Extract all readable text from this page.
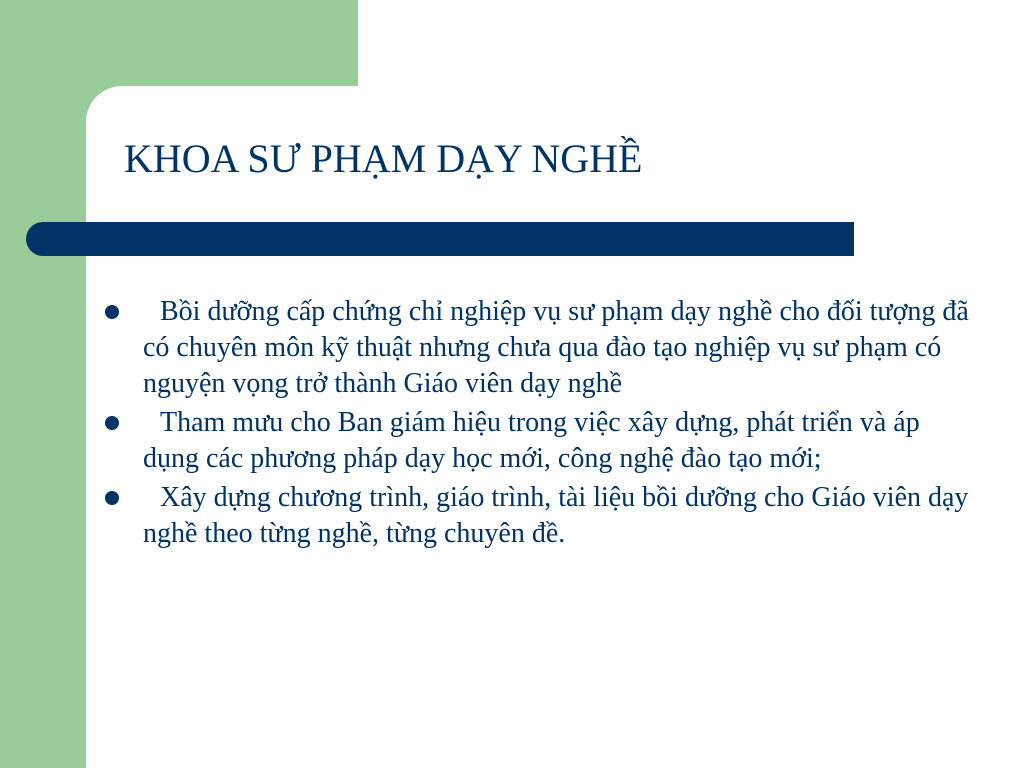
KHOA SƯ PHẠM DẠY NGHỀ
Bồi dưỡng cấp chứng chỉ nghiệp vụ sư phạm dạy nghề cho đối tượng đã có chuyên môn kỹ thuật nhưng chưa qua đào tạo nghiệp vụ sư phạm có nguyện vọng trở thành Giáo viên dạy nghề
Tham mưu cho Ban giám hiệu trong việc xây dựng, phát triển và áp dụng các phương pháp dạy học mới, công nghệ đào tạo mới;
Xây dựng chương trình, giáo trình, tài liệu bồi dưỡng cho Giáo viên dạy nghề theo từng nghề, từng chuyên đề.
